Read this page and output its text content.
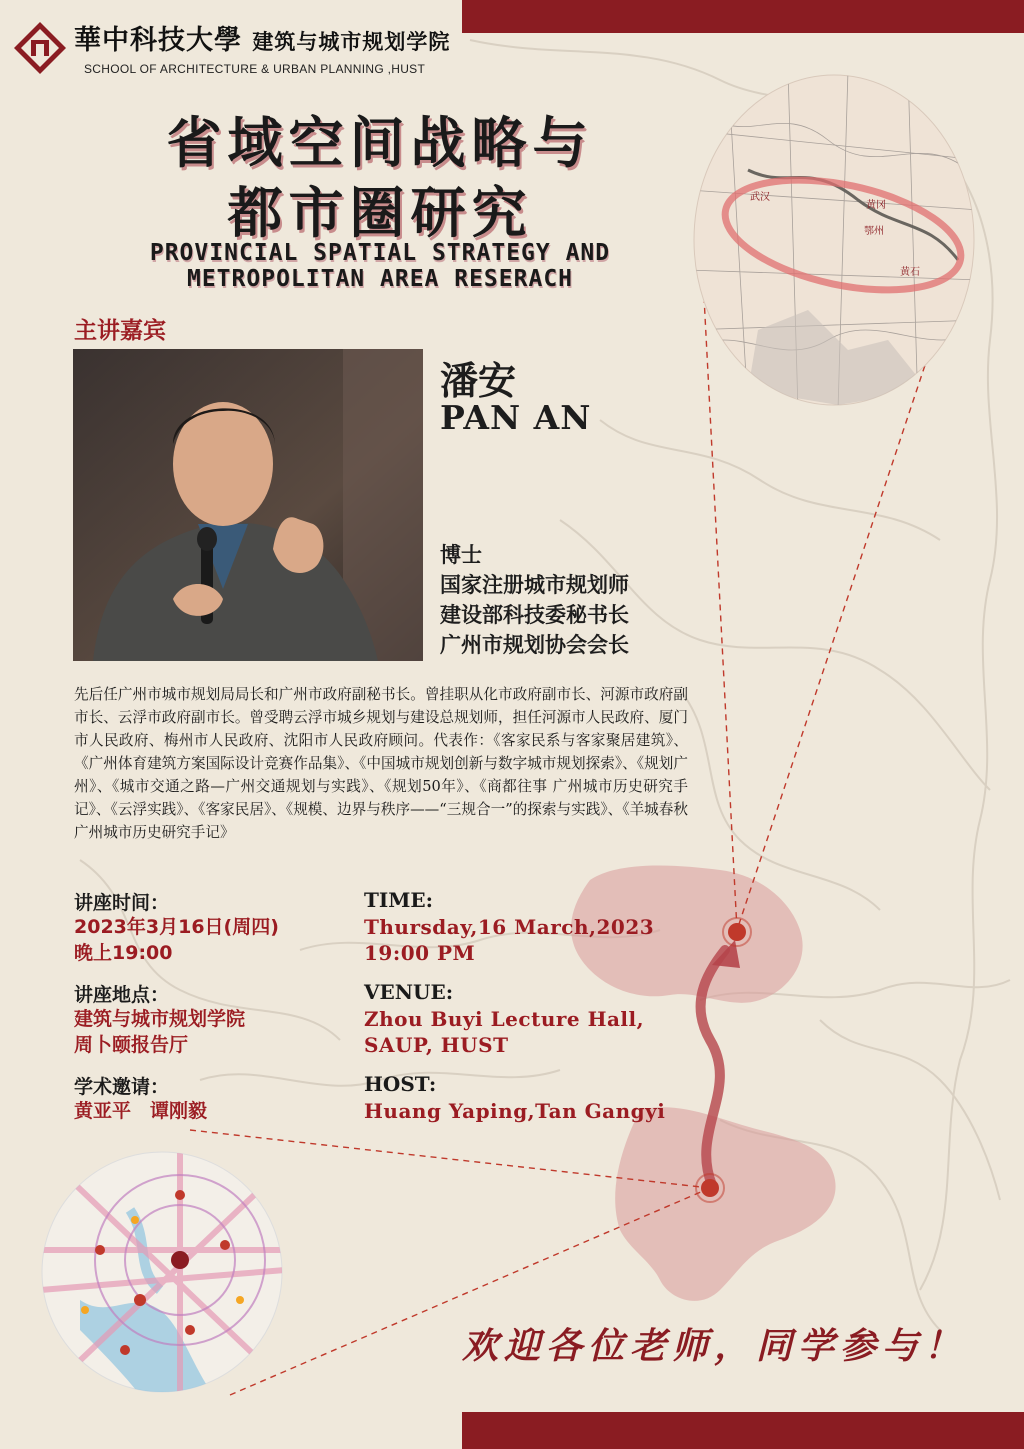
華中科技大學 建筑与城市规划学院
SCHOOL OF ARCHITECTURE & URBAN PLANNING ,HUST
武汉
黄冈
鄂州
黄石
省域空间战略与
都市圈研究
PROVINCIAL SPATIAL STRATEGY AND
METROPOLITAN AREA RESERACH
主讲嘉宾
潘安
PAN AN
博士
国家注册城市规划师
建设部科技委秘书长
广州市规划协会会长
先后任广州市城市规划局局长和广州市政府副秘书长。曾挂职从化市政府副市长、河源市政府副市长、云浮市政府副市长。曾受聘云浮市城乡规划与建设总规划师，担任河源市人民政府、厦门市人民政府、梅州市人民政府、沈阳市人民政府顾问。代表作：《客家民系与客家聚居建筑》、《广州体育建筑方案国际设计竞赛作品集》、《中国城市规划创新与数字城市规划探索》、《规划广州》、《城市交通之路—广州交通规划与实践》、《规划50年》、《商都往事 广州城市历史研究手记》、《云浮实践》、《客家民居》、《规模、边界与秩序——“三规合一”的探索与实践》、《羊城春秋 广州城市历史研究手记》
讲座时间：
2023年3月16日(周四)
晚上19:00
讲座地点：
建筑与城市规划学院
周卜颐报告厅
学术邀请：
黄亚平　谭刚毅
TIME:
Thursday,16 March,2023
19:00 PM
VENUE:
Zhou Buyi Lecture Hall,
SAUP, HUST
HOST:
Huang Yaping,Tan Gangyi
欢迎各位老师，同学参与！
